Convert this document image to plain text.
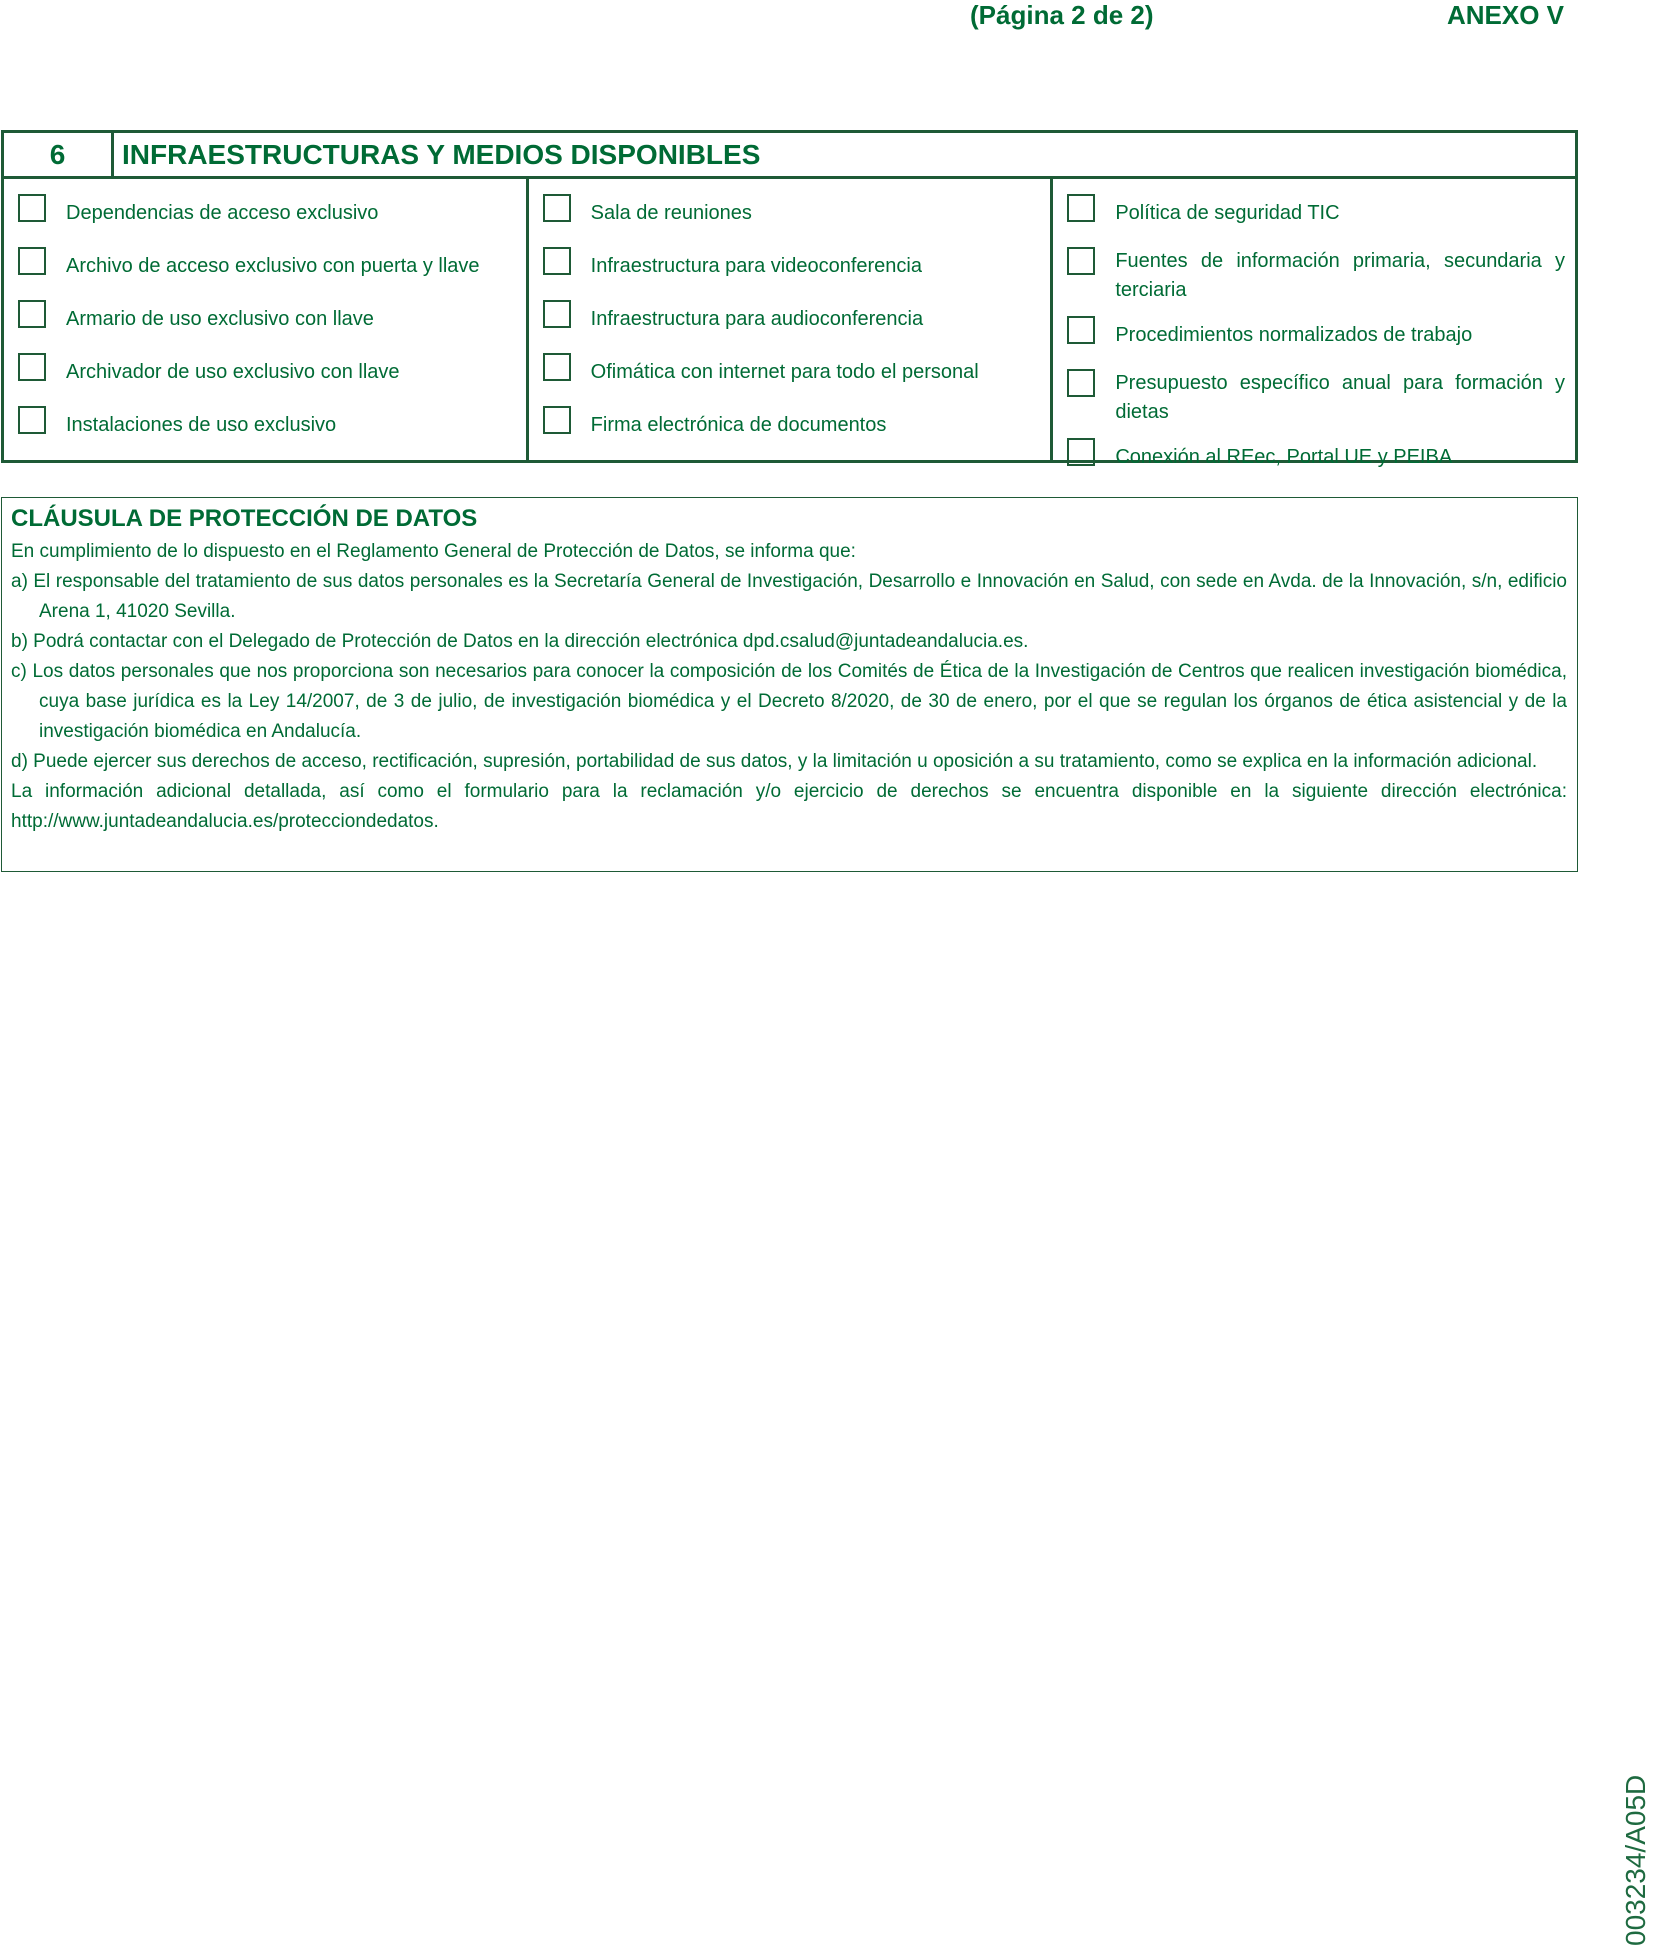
(Página 2 de 2)	ANEXO V
6	INFRAESTRUCTURAS Y MEDIOS DISPONIBLES
Dependencias de acceso exclusivo
Archivo de acceso exclusivo con puerta y llave
Armario de uso exclusivo con llave
Archivador de uso exclusivo con llave
Instalaciones de uso exclusivo
Sala de reuniones
Infraestructura para videoconferencia
Infraestructura para audioconferencia
Ofimática con internet para todo el personal
Firma electrónica de documentos
Política de seguridad TIC
Fuentes de información primaria, secundaria y terciaria
Procedimientos normalizados de trabajo
Presupuesto específico anual para formación y dietas
Conexión al REec, Portal UE y PEIBA
CLÁUSULA DE PROTECCIÓN DE DATOS

En cumplimiento de lo dispuesto en el Reglamento General de Protección de Datos, se informa que:

a) El responsable del tratamiento de sus datos personales es la Secretaría General de Investigación, Desarrollo e Innovación en Salud, con sede en Avda. de la Innovación, s/n, edificio Arena 1, 41020 Sevilla.

b) Podrá contactar con el Delegado de Protección de Datos en la dirección electrónica dpd.csalud@juntadeandalucia.es.

c) Los datos personales que nos proporciona son necesarios para conocer la composición de los Comités de Ética de la Investigación de Centros que realicen investigación biomédica, cuya base jurídica es la Ley 14/2007, de 3 de julio, de investigación biomédica y el Decreto 8/2020, de 30 de enero, por el que se regulan los órganos de ética asistencial y de la investigación biomédica en Andalucía.

d) Puede ejercer sus derechos de acceso, rectificación, supresión, portabilidad de sus datos, y la limitación u oposición a su tratamiento, como se explica en la información adicional.

La información adicional detallada, así como el formulario para la reclamación y/o ejercicio de derechos se encuentra disponible en la siguiente dirección electrónica: http://www.juntadeandalucia.es/protecciondedatos.

003234/A05D
